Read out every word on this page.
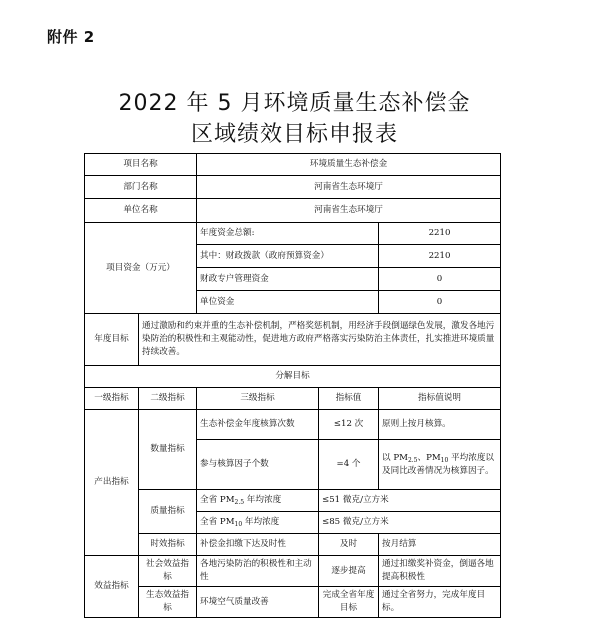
附件 2
2022 年 5 月环境质量生态补偿金
区域绩效目标申报表
项目名称		环境质量生态补偿金		
部门名称		河南省生态环境厅		
单位名称		河南省生态环境厅		
项目资金（万元）		年度资金总额:		2210
		其中：财政拨款（政府预算资金）		2210
		财政专户管理资金		0
		单位资金		0
年度目标	通过激励和约束并重的生态补偿机制，严格奖惩机制，用经济手段倒逼绿色发展，激发各地污染防治的积极性和主观能动性，促进地方政府严格落实污染防治主体责任，扎实推进环境质量持续改善。			
分解目标				
一级指标	二级指标	三级指标	指标值	指标值说明
产出指标	数量指标	生态补偿金年度核算次数	≤12 次	原则上按月核算。
		参与核算因子个数	=4 个	以 $PM_{2.5}$、$PM_{10}$ 平均浓度以及同比改善情况为核算因子。
	质量指标	全省 $PM_{2.5}$ 年均浓度	≤51 微克/立方米	
		全省 $PM_{10}$ 年均浓度	≤85 微克/立方米	
	时效指标	补偿金扣缴下达及时性	及时	按月结算
效益指标	社会效益指标	各地污染防治的积极性和主动性	逐步提高	通过扣缴奖补资金，倒逼各地提高积极性
	生态效益指标	环境空气质量改善	完成全省年度目标	通过全省努力，完成年度目标。
